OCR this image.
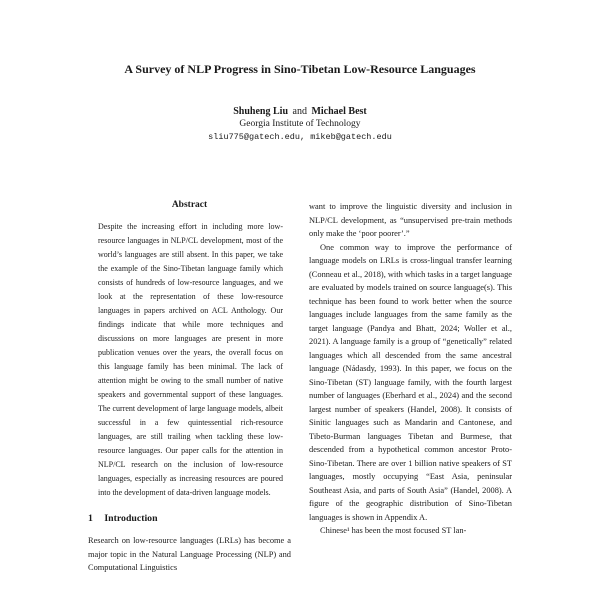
A Survey of NLP Progress in Sino-Tibetan Low-Resource Languages
Shuheng Liu and Michael Best
Georgia Institute of Technology
sliu775@gatech.edu, mikeb@gatech.edu
Abstract
Despite the increasing effort in including more low-resource languages in NLP/CL development, most of the world’s languages are still absent. In this paper, we take the example of the Sino-Tibetan language family which consists of hundreds of low-resource languages, and we look at the representation of these low-resource languages in papers archived on ACL Anthology. Our findings indicate that while more techniques and discussions on more languages are present in more publication venues over the years, the overall focus on this language family has been minimal. The lack of attention might be owing to the small number of native speakers and governmental support of these languages. The current development of large language models, albeit successful in a few quintessential rich-resource languages, are still trailing when tackling these low-resource languages. Our paper calls for the attention in NLP/CL research on the inclusion of low-resource languages, especially as increasing resources are poured into the development of data-driven language models.
1 Introduction
Research on low-resource languages (LRLs) has become a major topic in the Natural Language Processing (NLP) and Computational Linguistics
want to improve the linguistic diversity and inclusion in NLP/CL development, as “unsupervised pre-train methods only make the ‘poor poorer’.”
One common way to improve the performance of language models on LRLs is cross-lingual transfer learning (Conneau et al., 2018), with which tasks in a target language are evaluated by models trained on source language(s). This technique has been found to work better when the source languages include languages from the same family as the target language (Pandya and Bhatt, 2024; Woller et al., 2021). A language family is a group of “genetically” related languages which all descended from the same ancestral language (Nádasdy, 1993). In this paper, we focus on the Sino-Tibetan (ST) language family, with the fourth largest number of languages (Eberhard et al., 2024) and the second largest number of speakers (Handel, 2008). It consists of Sinitic languages such as Mandarin and Cantonese, and Tibeto-Burman languages Tibetan and Burmese, that descended from a hypothetical common ancestor Proto-Sino-Tibetan. There are over 1 billion native speakers of ST languages, mostly occupying “East Asia, peninsular Southeast Asia, and parts of South Asia” (Handel, 2008). A figure of the geographic distribution of Sino-Tibetan languages is shown in Appendix A.
Chinese¹ has been the most focused ST lan-
